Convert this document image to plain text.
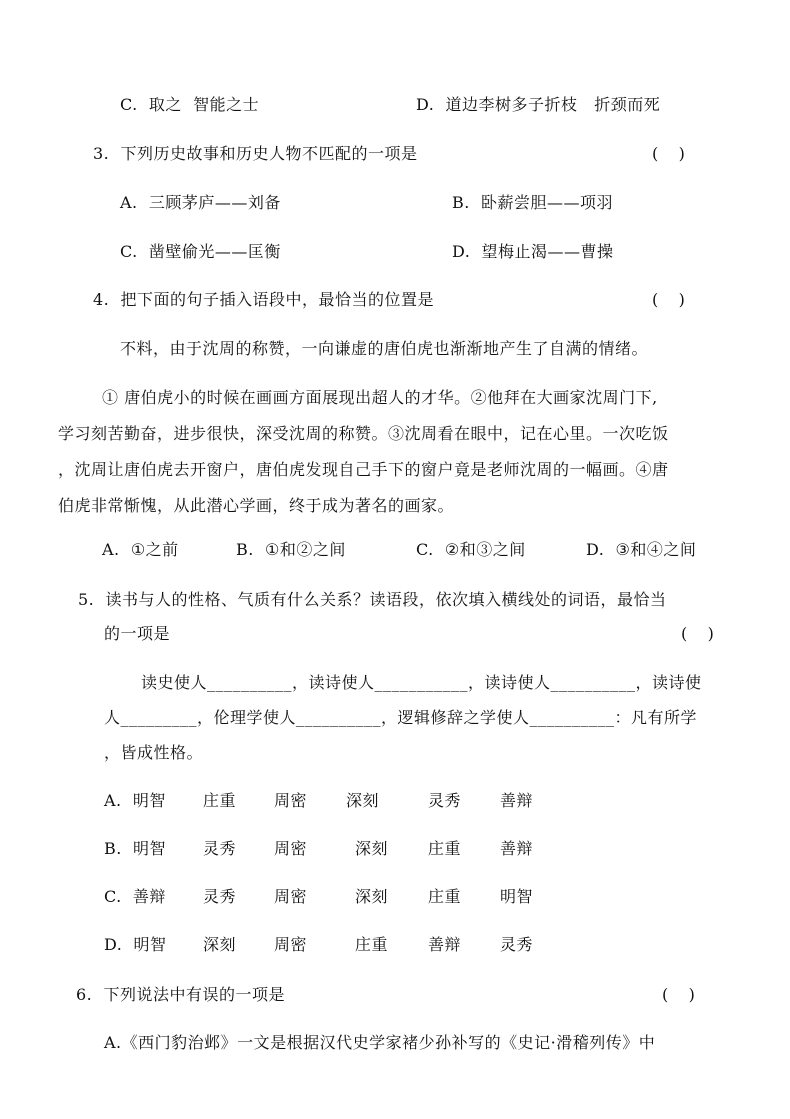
C.  取之  智能之士	D.  道边李树多子折枝   折颈而死
3.  下列历史故事和历史人物不匹配的一项是	(    )
A.  三顾茅庐——刘备	B.  卧薪尝胆——项羽
C.  凿壁偷光——匡衡	D.  望梅止渴——曹操
4.  把下面的句子插入语段中，最恰当的位置是	(    )
不料，由于沈周的称赞，一向谦虚的唐伯虎也渐渐地产生了自满的情绪。
① 唐伯虎小的时候在画画方面展现出超人的才华。②他拜在大画家沈周门下,
学习刻苦勤奋，进步很快，深受沈周的称赞。③沈周看在眼中，记在心里。一次吃饭
，沈周让唐伯虎去开窗户，唐伯虎发现自己手下的窗户竟是老师沈周的一幅画。④唐
伯虎非常惭愧，从此潜心学画，终于成为著名的画家。
A.  ①之前	B.  ①和②之间	C.  ②和③之间	D.  ③和④之间
5.  读书与人的性格、气质有什么关系？读语段，依次填入横线处的词语，最恰当
的一项是	(    )
读史使人__________，读诗使人___________，读诗使人__________，读诗使
人_________，伦理学使人__________，逻辑修辞之学使人__________：凡有所学
，皆成性格。
A.  明智 庄重 周密 深刻	灵秀 善辩
B.  明智 灵秀 周密	深刻 庄重 善辩
C.  善辩 灵秀 周密	深刻 庄重 明智
D.  明智 深刻 周密	庄重 善辩 灵秀
6.  下列说法中有误的一项是	(    )
A.《西门豹治邺》一文是根据汉代史学家褚少孙补写的《史记·滑稽列传》中
